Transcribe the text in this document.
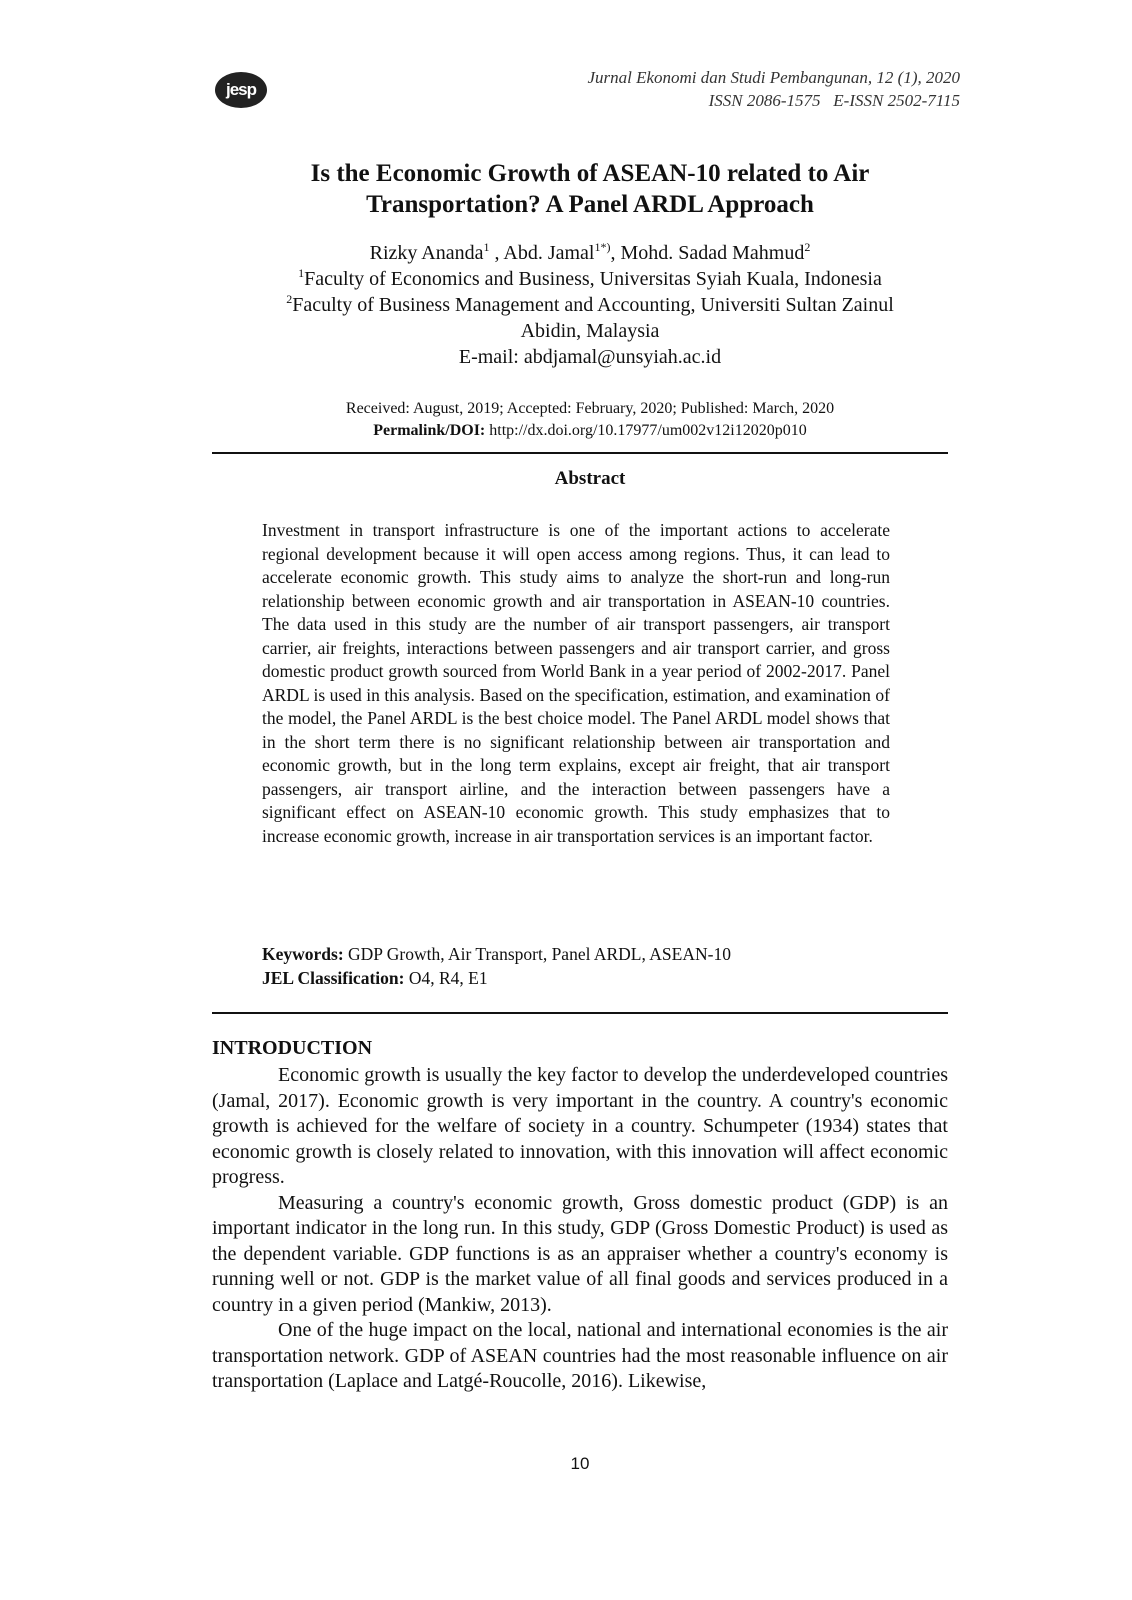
jesp
Jurnal Ekonomi dan Studi Pembangunan, 12 (1), 2020
ISSN 2086-1575   E-ISSN 2502-7115
Is the Economic Growth of ASEAN-10 related to Air
Transportation? A Panel ARDL Approach
Rizky Ananda$^1$ , Abd. Jamal$^{1*)}$, Mohd. Sadad Mahmud$^2$
$^1$Faculty of Economics and Business, Universitas Syiah Kuala, Indonesia
$^2$Faculty of Business Management and Accounting, Universiti Sultan Zainul
Abidin, Malaysia
E-mail: abdjamal@unsyiah.ac.id
Received: August, 2019; Accepted: February, 2020; Published: March, 2020
Permalink/DOI: http://dx.doi.org/10.17977/um002v12i12020p010
Abstract

Investment in transport infrastructure is one of the important actions to accelerate regional development because it will open access among regions. Thus, it can lead to accelerate economic growth. This study aims to analyze the short-run and long-run relationship between economic growth and air transportation in ASEAN-10 countries. The data used in this study are the number of air transport passengers, air transport carrier, air freights, interactions between passengers and air transport carrier, and gross domestic product growth sourced from World Bank in a year period of 2002-2017. Panel ARDL is used in this analysis. Based on the specification, estimation, and examination of the model, the Panel ARDL is the best choice model. The Panel ARDL model shows that in the short term there is no significant relationship between air transportation and economic growth, but in the long term explains, except air freight, that air transport passengers, air transport airline, and the interaction between passengers have a significant effect on ASEAN-10 economic growth. This study emphasizes that to increase economic growth, increase in air transportation services is an important factor.

Keywords: GDP Growth, Air Transport, Panel ARDL, ASEAN-10
JEL Classification: O4, R4, E1
INTRODUCTION

Economic growth is usually the key factor to develop the underdeveloped countries (Jamal, 2017). Economic growth is very important in the country. A country's economic growth is achieved for the welfare of society in a country. Schumpeter (1934) states that economic growth is closely related to innovation, with this innovation will affect economic progress.

Measuring a country's economic growth, Gross domestic product (GDP) is an important indicator in the long run. In this study, GDP (Gross Domestic Product) is used as the dependent variable. GDP functions is as an appraiser whether a country's economy is running well or not. GDP is the market value of all final goods and services produced in a country in a given period (Mankiw, 2013).

One of the huge impact on the local, national and international economies is the air transportation network. GDP of ASEAN countries had the most reasonable influence on air transportation (Laplace and Latgé-Roucolle, 2016). Likewise,

10
